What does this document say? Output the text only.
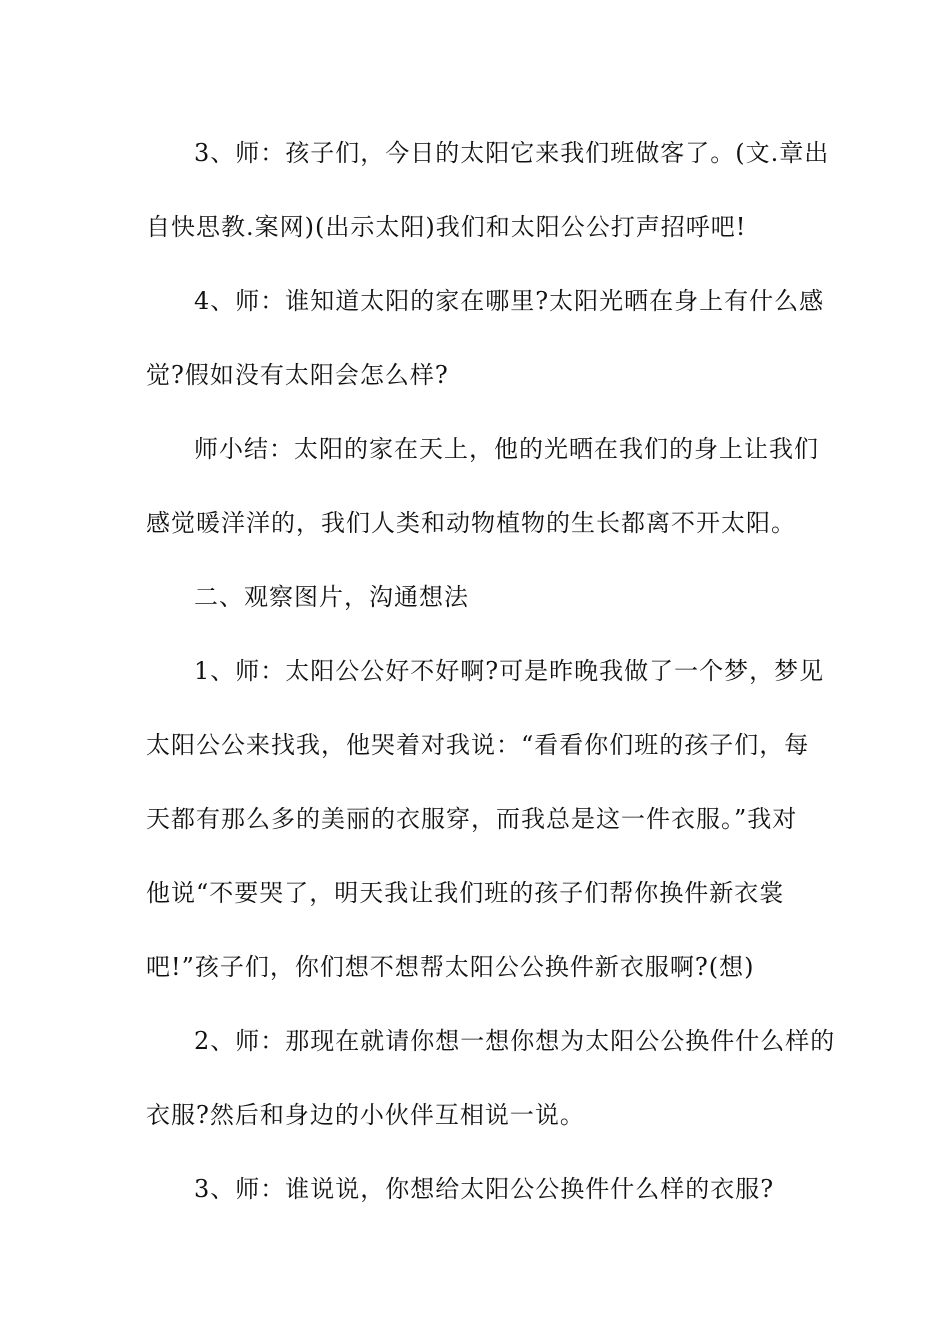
3、师：孩子们，今日的太阳它来我们班做客了。(文.章出
自快思教.案网)(出示太阳)我们和太阳公公打声招呼吧!
4、师：谁知道太阳的家在哪里?太阳光晒在身上有什么感
觉?假如没有太阳会怎么样?
师小结：太阳的家在天上，他的光晒在我们的身上让我们
感觉暖洋洋的，我们人类和动物植物的生长都离不开太阳。
二、观察图片，沟通想法
1、师：太阳公公好不好啊?可是昨晚我做了一个梦，梦见
太阳公公来找我，他哭着对我说：“看看你们班的孩子们，每
天都有那么多的美丽的衣服穿，而我总是这一件衣服。”我对
他说“不要哭了，明天我让我们班的孩子们帮你换件新衣裳
吧!”孩子们，你们想不想帮太阳公公换件新衣服啊?(想)
2、师：那现在就请你想一想你想为太阳公公换件什么样的
衣服?然后和身边的小伙伴互相说一说。
3、师：谁说说，你想给太阳公公换件什么样的衣服?
